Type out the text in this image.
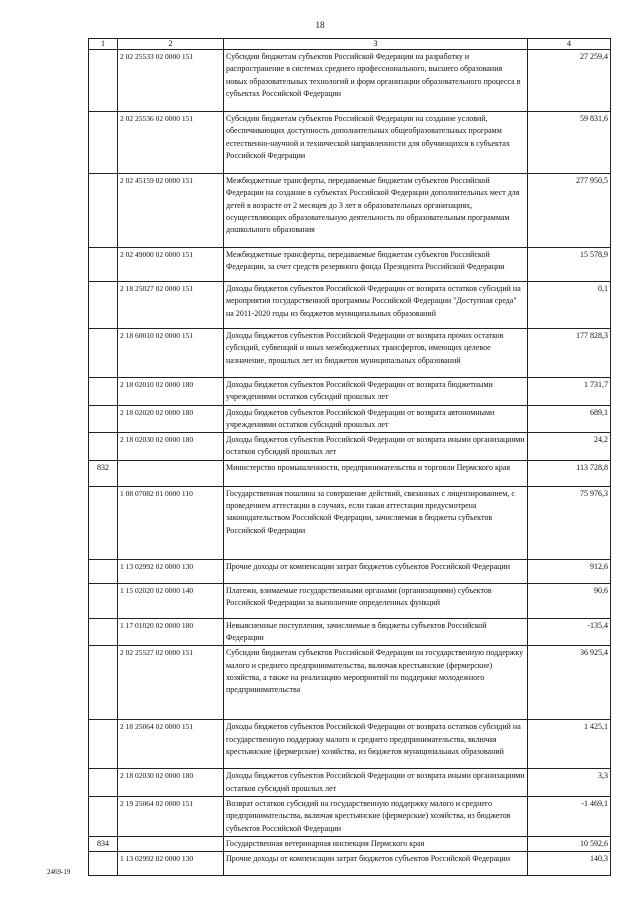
18
1	2	3	4
	2 02 25533 02 0000 151	Субсидии бюджетам субъектов Российской Федерации на разработку и распространение в системах среднего профессионального, высшего образования новых образовательных технологий и форм организации образовательного процесса в субъектах Российской Федерации	27 259,4
	2 02 25536 02 0000 151	Субсидии бюджетам субъектов Российской Федерации на создание условий, обеспечивающих доступность дополнительных общеобразовательных программ естественно-научной и технической направленности для обучающихся в субъектах Российской Федерации	59 831,6
	2 02 45159 02 0000 151	Межбюджетные трансферты, передаваемые бюджетам субъектов Российской Федерации на создание в субъектах Российской Федерации дополнительных мест для детей в возрасте от 2 месяцев до 3 лет в образовательных организациях, осуществляющих образовательную деятельность по образовательным программам дошкольного образования	277 950,5
	2 02 49000 02 0000 151	Межбюджетные трансферты, передаваемые бюджетам субъектов Российской Федерации, за счет средств резервного фонда Президента Российской Федерации	15 578,9
	2 18 25027 02 0000 151	Доходы бюджетов субъектов Российской Федерации от возврата остатков субсидий на мероприятия государственной программы Российской Федерации "Доступная среда" на 2011-2020 годы из бюджетов муниципальных образований	0,1
	2 18 60010 02 0000 151	Доходы бюджетов субъектов Российской Федерации от возврата прочих остатков субсидий, субвенций и иных межбюджетных трансфертов, имеющих целевое назначение, прошлых лет из бюджетов муниципальных образований	177 828,3
	2 18 02010 02 0000 180	Доходы бюджетов субъектов Российской Федерации от возврата бюджетными учреждениями остатков субсидий прошлых лет	1 731,7
	2 18 02020 02 0000 180	Доходы бюджетов субъектов Российской Федерации от возврата автономными учреждениями остатков субсидий прошлых лет	689,1
	2 18 02030 02 0000 180	Доходы бюджетов субъектов Российской Федерации от возврата иными организациями остатков субсидий прошлых лет	24,2
832		Министерство промышленности, предпринимательства и торговли Пермского края	113 728,8
	1 08 07082 01 0000 110	Государственная пошлина за совершение действий, связанных с лицензированием, с проведением аттестации в случаях, если такая аттестация предусмотрена законодательством Российской Федерации, зачисляемая в бюджеты субъектов Российской Федерации	75 976,3
	1 13 02992 02 0000 130	Прочие доходы от компенсации затрат бюджетов субъектов Российской Федерации	912,6
	1 15 02020 02 0000 140	Платежи, взимаемые государственными органами (организациями) субъектов Российской Федерации за выполнение определенных функций	90,6
	1 17 01020 02 0000 180	Невыясненные поступления, зачисляемые в бюджеты субъектов Российской Федерации	-135,4
	2 02 25527 02 0000 151	Субсидии бюджетам субъектов Российской Федерации на государственную поддержку малого и среднего предпринимательства, включая крестьянские (фермерские) хозяйства, а также на реализацию мероприятий по поддержке молодежного предпринимательства	36 925,4
	2 18 25064 02 0000 151	Доходы бюджетов субъектов Российской Федерации от возврата остатков субсидий на государственную поддержку малого и среднего предпринимательства, включая крестьянские (фермерские) хозяйства, из бюджетов муниципальных образований	1 425,1
	2 18 02030 02 0000 180	Доходы бюджетов субъектов Российской Федерации от возврата иными организациями остатков субсидий прошлых лет	3,3
	2 19 25064 02 0000 151	Возврат остатков субсидий на государственную поддержку малого и среднего предпринимательства, включая крестьянские (фермерские) хозяйства, из бюджетов субъектов Российской Федерации	-1 469,1
834		Государственная ветеринарная инспекция Пермского края	10 592,6
	1 13 02992 02 0000 130	Прочие доходы от компенсации затрат бюджетов субъектов Российской Федерации	140,3
2469-19
